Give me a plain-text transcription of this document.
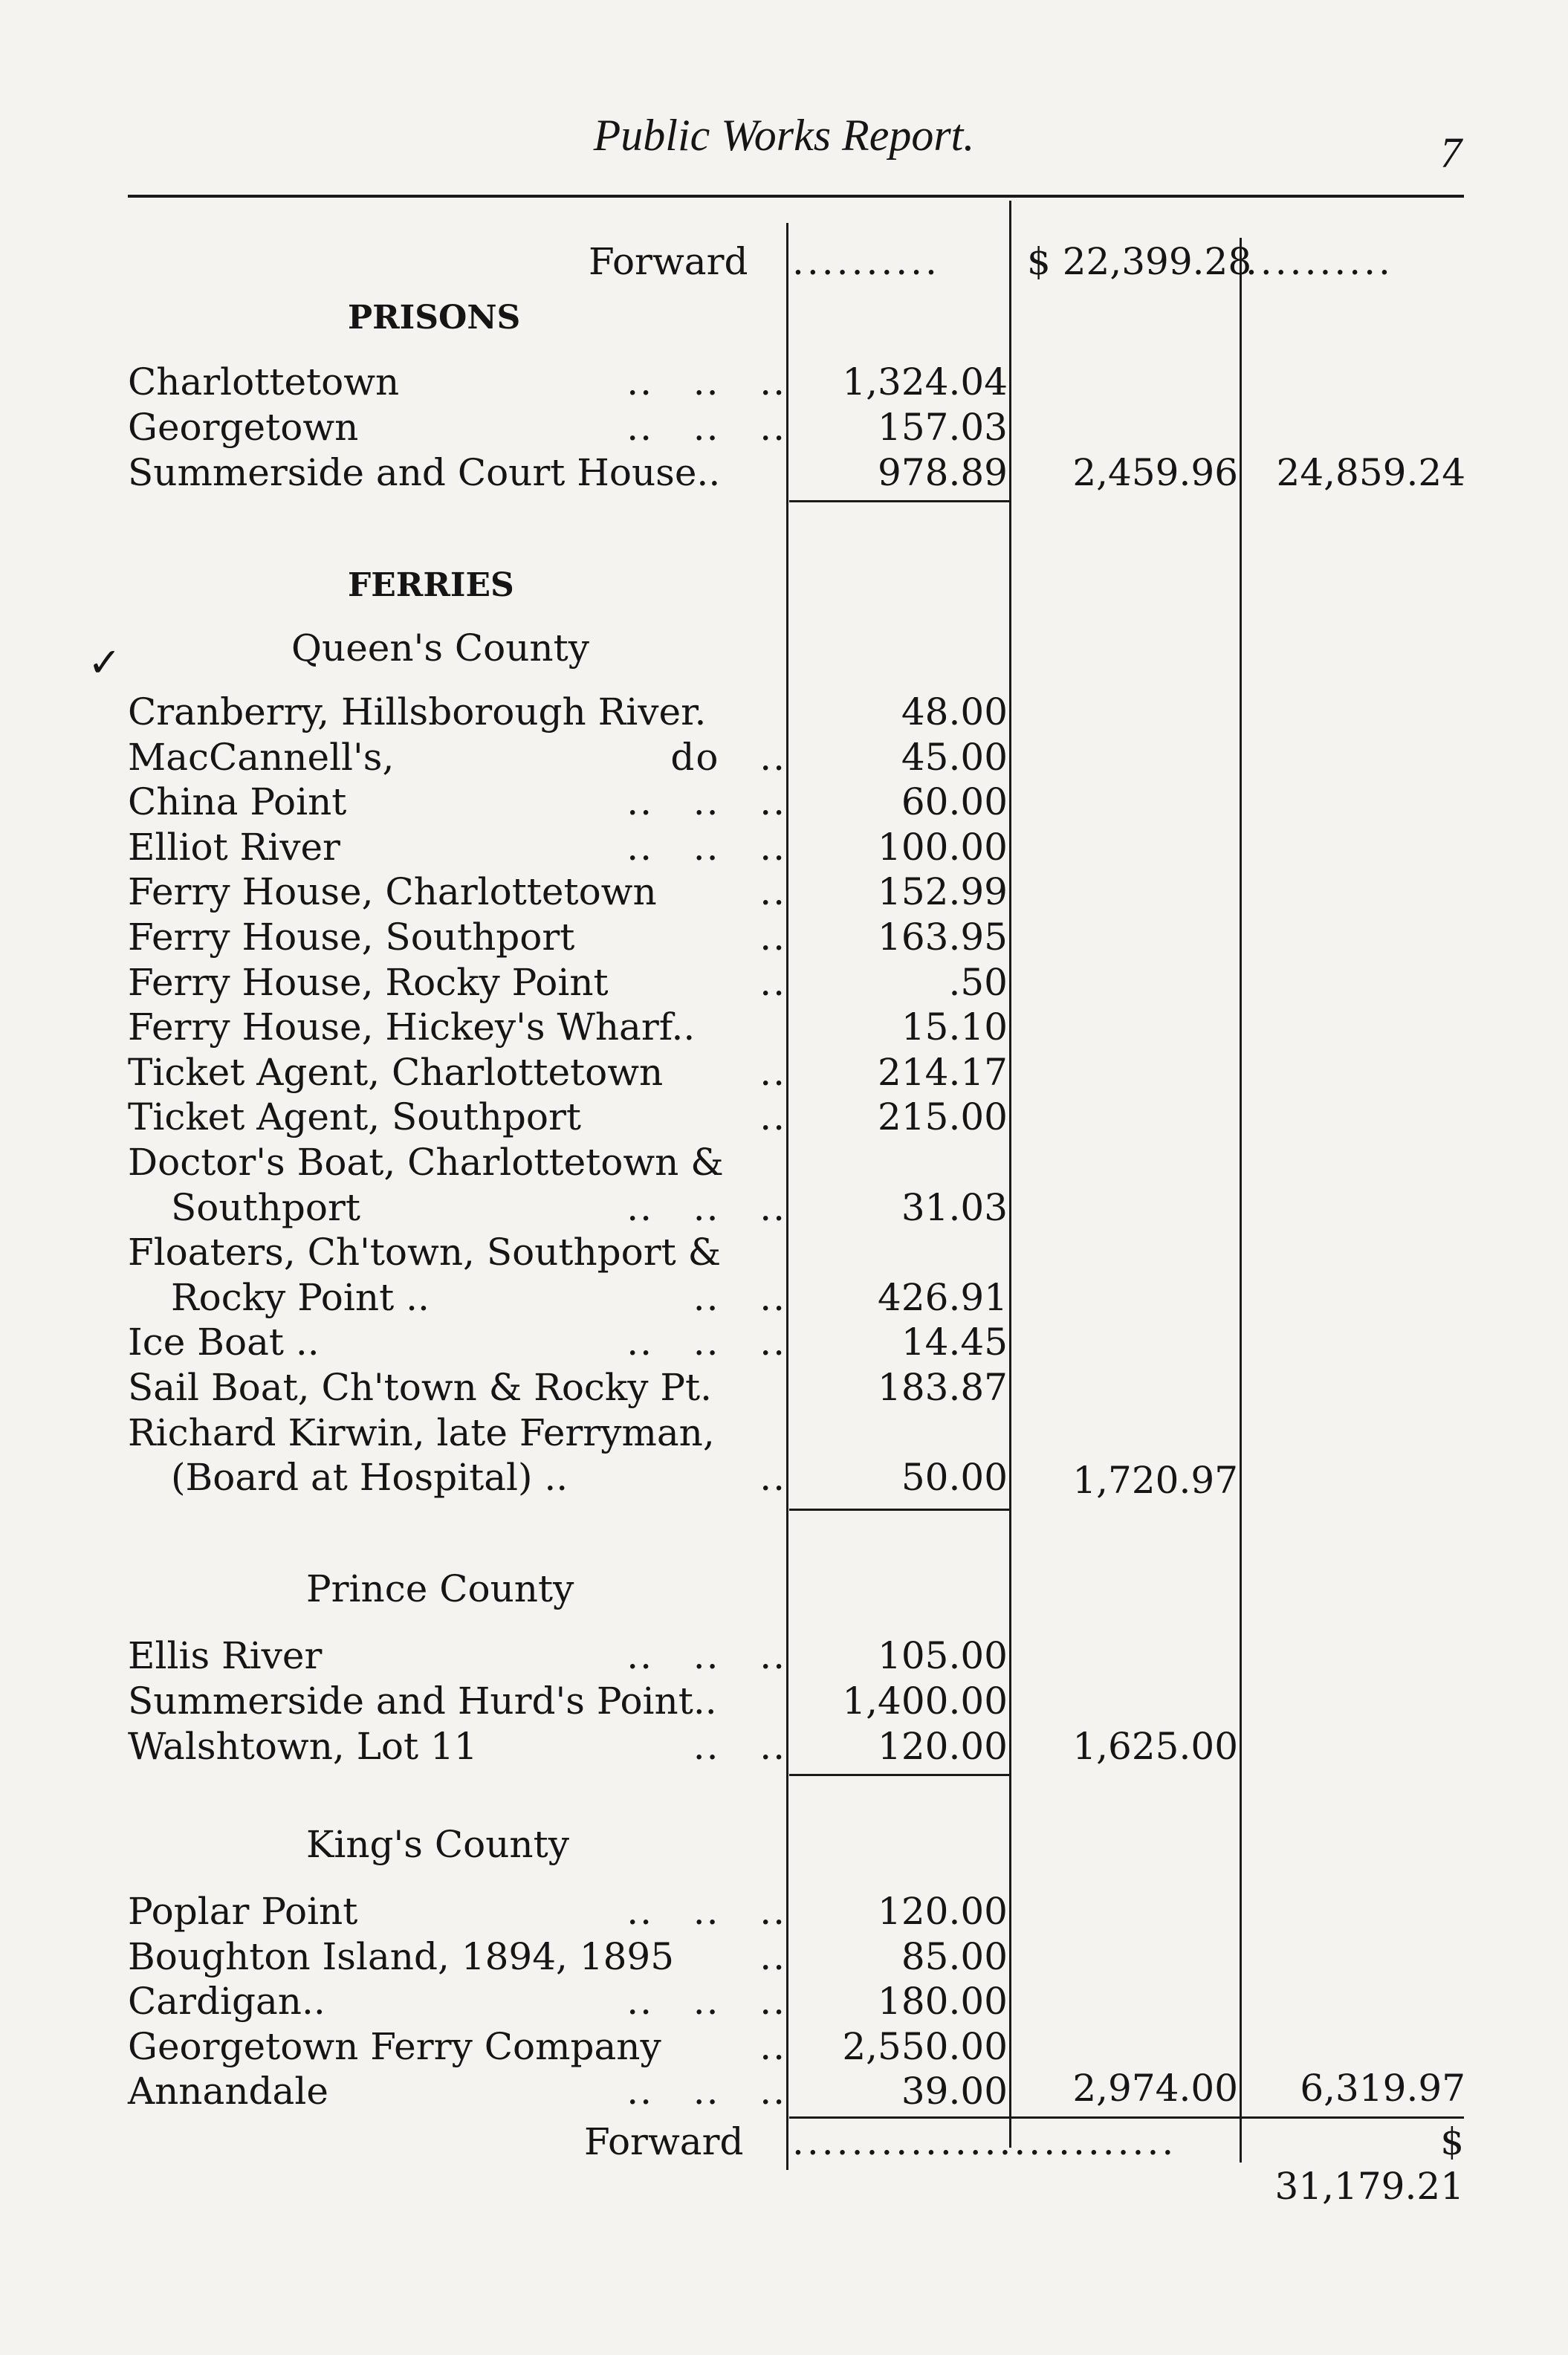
Public Works Report.	7
Forward .......... $ 22,399.28
..........
PRISONS
Charlottetown	..   ..   ..	1,324.04
Georgetown	..   ..   ..	157.03
Summerside and Court House..	978.89	2,459.96	24,859.24
FERRIES
✓	Queen's County
Cranberry, Hillsborough River.	48.00
MacCannell's,	do   ..	45.00
China Point	..   ..   ..	60.00
Elliot River	..   ..   ..	100.00
Ferry House, Charlottetown	..	152.99
Ferry House, Southport	..	163.95
Ferry House, Rocky Point	..	.50
Ferry House, Hickey's Wharf..	15.10
Ticket Agent, Charlottetown	..	214.17
Ticket Agent, Southport	..	215.00
Doctor's Boat, Charlottetown &
Southport	..   ..   ..	31.03
Floaters, Ch'town, Southport &
Rocky Point ..	..   ..	426.91
Ice Boat ..	..   ..   ..	14.45
Sail Boat, Ch'town & Rocky Pt.	183.87
Richard Kirwin, late Ferryman,
(Board at Hospital) ..	..	50.00	1,720.97
Prince County
Ellis River	..   ..   ..	105.00
Summerside and Hurd's Point..	1,400.00
Walshtown, Lot 11	..   ..	120.00	1,625.00
King's County
Poplar Point	..   ..   ..	120.00
Boughton Island, 1894, 1895 ..	85.00
Cardigan..	..   ..   ..	180.00
Georgetown Ferry Company	..	2,550.00
Annandale	..   ..   ..	39.00	2,974.00	6,319.97
Forward ..........................	$ 31,179.21
